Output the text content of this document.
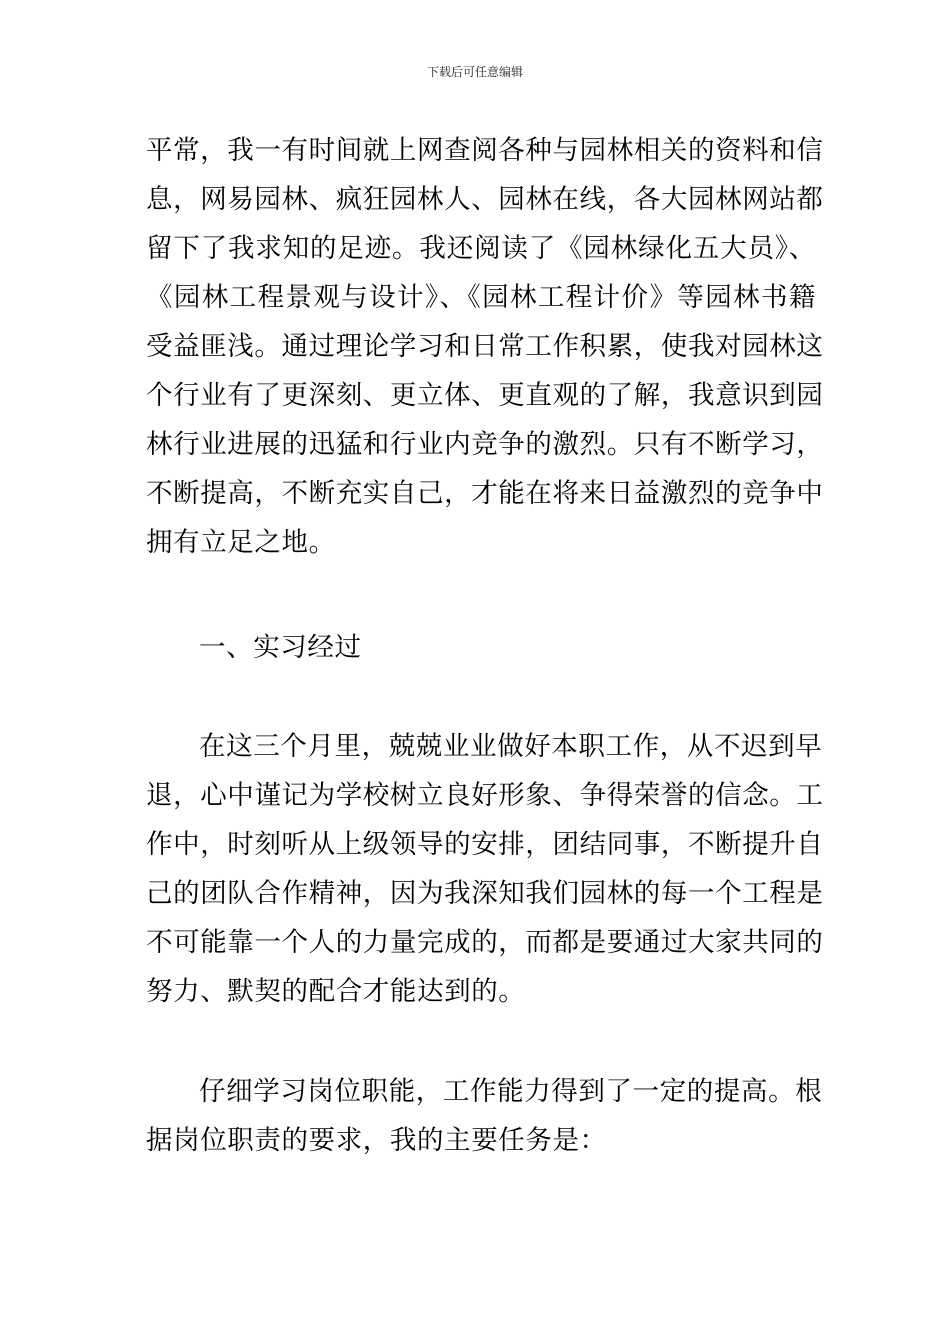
下载后可任意编辑
平常，我一有时间就上网查阅各种与园林相关的资料和信
息，网易园林、疯狂园林人、园林在线，各大园林网站都
留下了我求知的足迹。我还阅读了《园林绿化五大员》、
《园林工程景观与设计》、《园林工程计价》等园林书籍
受益匪浅。通过理论学习和日常工作积累，使我对园林这
个行业有了更深刻、更立体、更直观的了解，我意识到园
林行业进展的迅猛和行业内竞争的激烈。只有不断学习，
不断提高，不断充实自己，才能在将来日益激烈的竞争中
拥有立足之地。
一、实习经过
在这三个月里，兢兢业业做好本职工作，从不迟到早
退，心中谨记为学校树立良好形象、争得荣誉的信念。工
作中，时刻听从上级领导的安排，团结同事，不断提升自
己的团队合作精神，因为我深知我们园林的每一个工程是
不可能靠一个人的力量完成的，而都是要通过大家共同的
努力、默契的配合才能达到的。
仔细学习岗位职能，工作能力得到了一定的提高。根
据岗位职责的要求，我的主要任务是：
